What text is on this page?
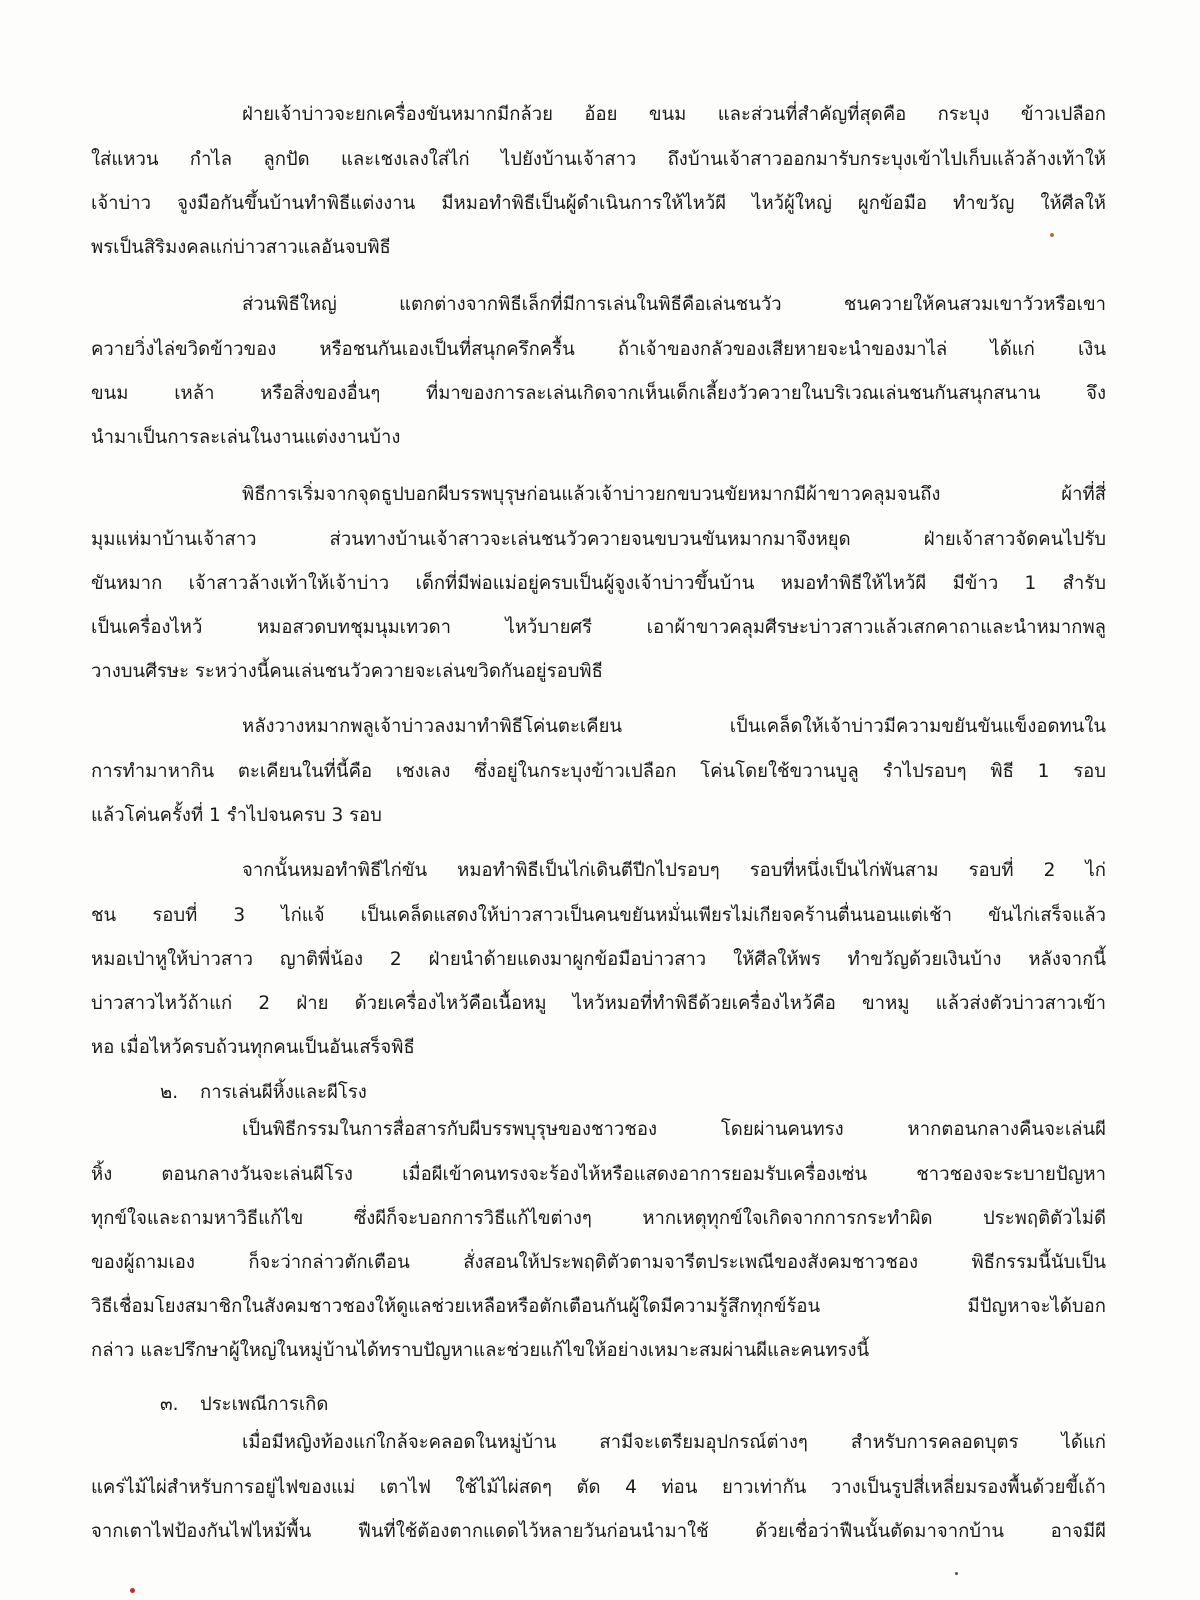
ฝ่ายเจ้าบ่าวจะยกเครื่องขันหมากมีกล้วย อ้อย ขนม และส่วนที่สำคัญที่สุดคือ กระบุง ข้าวเปลือก
ใส่แหวน กำไล ลูกปัด และเชงเลงใส่ไก่ ไปยังบ้านเจ้าสาว ถึงบ้านเจ้าสาวออกมารับกระบุงเข้าไปเก็บแล้วล้างเท้าให้
เจ้าบ่าว จูงมือกันขึ้นบ้านทำพิธีแต่งงาน มีหมอทำพิธีเป็นผู้ดำเนินการให้ไหว้ผี ไหว้ผู้ใหญ่ ผูกข้อมือ ทำขวัญ ให้ศีลให้
พรเป็นสิริมงคลแก่บ่าวสาวแลอันจบพิธี
ส่วนพิธีใหญ่ แตกต่างจากพิธีเล็กที่มีการเล่นในพิธีคือเล่นชนวัว ชนควายให้คนสวมเขาวัวหรือเขา
ควายวิ่งไล่ขวิดข้าวของ หรือชนกันเองเป็นที่สนุกครึกครื้น ถ้าเจ้าของกลัวของเสียหายจะนำของมาไล่ ได้แก่ เงิน
ขนม เหล้า หรือสิ่งของอื่นๆ ที่มาของการละเล่นเกิดจากเห็นเด็กเลี้ยงวัวควายในบริเวณเล่นชนกันสนุกสนาน จึง
นำมาเป็นการละเล่นในงานแต่งงานบ้าง
พิธีการเริ่มจากจุดธูปบอกผีบรรพบุรุษก่อนแล้วเจ้าบ่าวยกขบวนขัยหมากมีผ้าขาวคลุมจนถึง ผ้าที่สี่
มุมแห่มาบ้านเจ้าสาว ส่วนทางบ้านเจ้าสาวจะเล่นชนวัวควายจนขบวนขันหมากมาจึงหยุด ฝ่ายเจ้าสาวจัดคนไปรับ
ขันหมาก เจ้าสาวล้างเท้าให้เจ้าบ่าว เด็กที่มีพ่อแม่อยู่ครบเป็นผู้จูงเจ้าบ่าวขึ้นบ้าน หมอทำพิธีให้ไหว้ผี มีข้าว 1 สำรับ
เป็นเครื่องไหว้ หมอสวดบทชุมนุมเทวดา ไหว้บายศรี เอาผ้าขาวคลุมศีรษะบ่าวสาวแล้วเสกคาถาและนำหมากพลู
วางบนศีรษะ ระหว่างนี้คนเล่นชนวัวควายจะเล่นขวิดกันอยู่รอบพิธี
หลังวางหมากพลูเจ้าบ่าวลงมาทำพิธีโค่นตะเคียน เป็นเคล็ดให้เจ้าบ่าวมีความขยันขันแข็งอดทนใน
การทำมาหากิน ตะเคียนในที่นี้คือ เชงเลง ซึ่งอยู่ในกระบุงข้าวเปลือก โค่นโดยใช้ขวานบูลู รำไปรอบๆ พิธี 1 รอบ
แล้วโค่นครั้งที่ 1 รำไปจนครบ 3 รอบ
จากนั้นหมอทำพิธีไก่ขัน หมอทำพิธีเป็นไก่เดินตีปีกไปรอบๆ รอบที่หนึ่งเป็นไก่พันสาม รอบที่ 2 ไก่
ชน รอบที่ 3 ไก่แจ้ เป็นเคล็ดแสดงให้บ่าวสาวเป็นคนขยันหมั่นเพียรไม่เกียจคร้านตื่นนอนแต่เช้า ขันไก่เสร็จแล้ว
หมอเป่าหูให้บ่าวสาว ญาติพี่น้อง 2 ฝ่ายนำด้ายแดงมาผูกข้อมือบ่าวสาว ให้ศีลให้พร ทำขวัญด้วยเงินบ้าง หลังจากนี้
บ่าวสาวไหว้ถ้าแก่ 2 ฝ่าย ด้วยเครื่องไหว้คือเนื้อหมู ไหว้หมอที่ทำพิธีด้วยเครื่องไหว้คือ ขาหมู แล้วส่งตัวบ่าวสาวเข้า
หอ เมื่อไหว้ครบถ้วนทุกคนเป็นอันเสร็จพิธี
๒. การเล่นผีหิ้งและผีโรง
เป็นพิธีกรรมในการสื่อสารกับผีบรรพบุรุษของชาวชอง โดยผ่านคนทรง หากตอนกลางคืนจะเล่นผี
หิ้ง ตอนกลางวันจะเล่นผีโรง เมื่อผีเข้าคนทรงจะร้องไห้หรือแสดงอาการยอมรับเครื่องเซ่น ชาวชองจะระบายปัญหา
ทุกข์ใจและถามหาวิธีแก้ไข ซึ่งผีก็จะบอกการวิธีแก้ไขต่างๆ หากเหตุทุกข์ใจเกิดจากการกระทำผิด ประพฤติตัวไม่ดี
ของผู้ถามเอง ก็จะว่ากล่าวตักเตือน สั่งสอนให้ประพฤติตัวตามจารีตประเพณีของสังคมชาวชอง พิธีกรรมนี้นับเป็น
วิธีเชื่อมโยงสมาชิกในสังคมชาวชองให้ดูแลช่วยเหลือหรือตักเตือนกันผู้ใดมีความรู้สึกทุกข์ร้อน มีปัญหาจะได้บอก
กล่าว และปรึกษาผู้ใหญ่ในหมู่บ้านได้ทราบปัญหาและช่วยแก้ไขให้อย่างเหมาะสมผ่านผีและคนทรงนี้
๓. ประเพณีการเกิด
เมื่อมีหญิงท้องแก่ใกล้จะคลอดในหมู่บ้าน สามีจะเตรียมอุปกรณ์ต่างๆ สำหรับการคลอดบุตร ได้แก่
แคร่ไม้ไผ่สำหรับการอยู่ไฟของแม่ เตาไฟ ใช้ไม้ไผ่สดๆ ตัด 4 ท่อน ยาวเท่ากัน วางเป็นรูปสี่เหลี่ยมรองพื้นด้วยขี้เถ้า
จากเตาไฟป้องกันไฟไหม้พื้น ฟืนที่ใช้ต้องตากแดดไว้หลายวันก่อนนำมาใช้ ด้วยเชื่อว่าฟืนนั้นตัดมาจากบ้าน อาจมีผี
